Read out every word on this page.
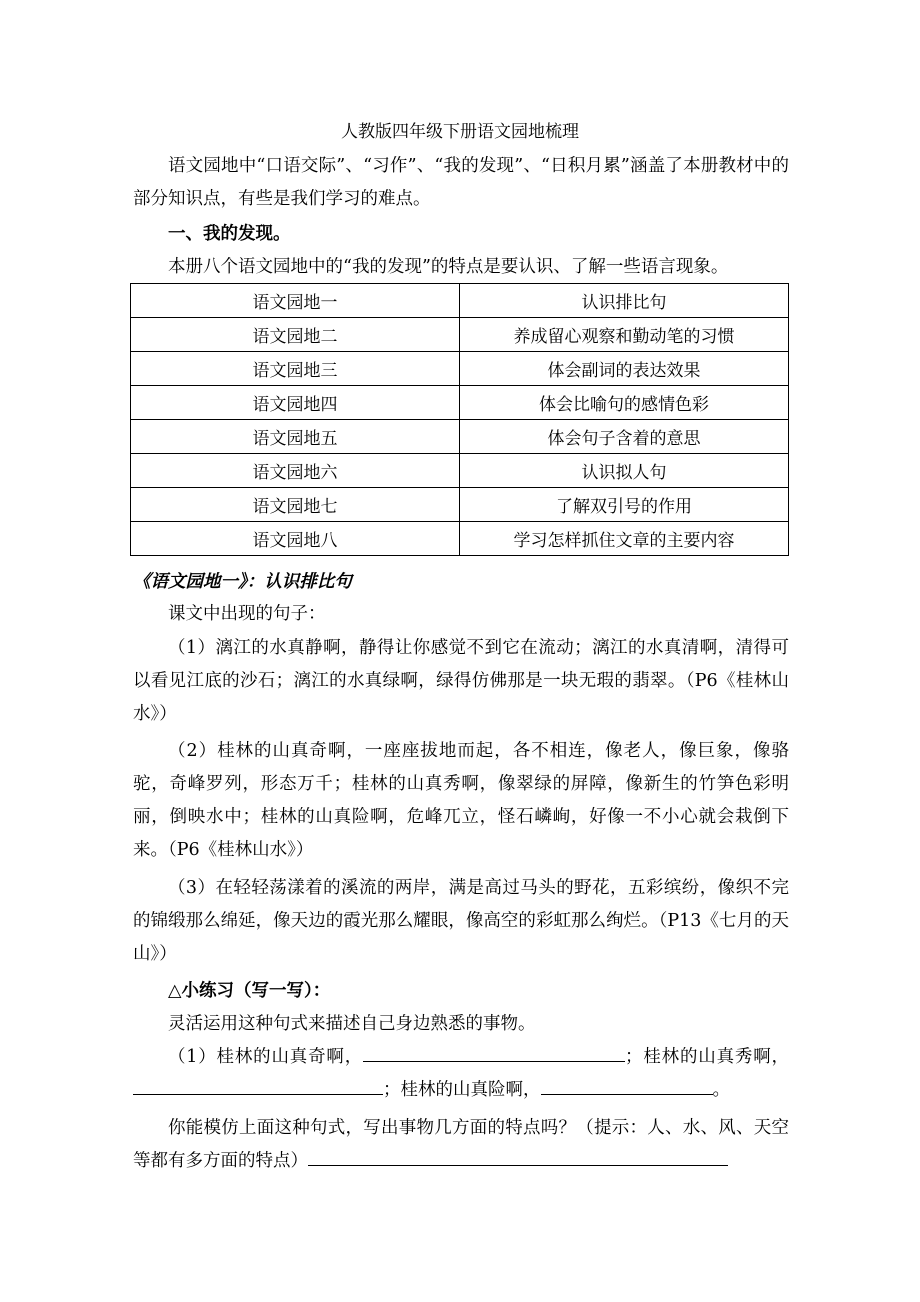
人教版四年级下册语文园地梳理

语文园地中“口语交际”、“习作”、“我的发现”、“日积月累”涵盖了本册教材中的部分知识点，有些是我们学习的难点。

一、我的发现。

本册八个语文园地中的“我的发现”的特点是要认识、了解一些语言现象。

语文园地一	认识排比句
语文园地二	养成留心观察和勤动笔的习惯
语文园地三	体会副词的表达效果
语文园地四	体会比喻句的感情色彩
语文园地五	体会句子含着的意思
语文园地六	认识拟人句
语文园地七	了解双引号的作用
语文园地八	学习怎样抓住文章的主要内容

《语文园地一》：认识排比句

课文中出现的句子：

（1）漓江的水真静啊，静得让你感觉不到它在流动；漓江的水真清啊，清得可以看见江底的沙石；漓江的水真绿啊，绿得仿佛那是一块无瑕的翡翠。（P6《桂林山水》）

（2）桂林的山真奇啊，一座座拔地而起，各不相连，像老人，像巨象，像骆驼，奇峰罗列，形态万千；桂林的山真秀啊，像翠绿的屏障，像新生的竹笋色彩明丽，倒映水中；桂林的山真险啊，危峰兀立，怪石嶙峋，好像一不小心就会栽倒下来。（P6《桂林山水》）

（3）在轻轻荡漾着的溪流的两岸，满是高过马头的野花，五彩缤纷，像织不完的锦缎那么绵延，像天边的霞光那么耀眼，像高空的彩虹那么绚烂。（P13《七月的天山》）

△小练习（写一写）：

灵活运用这种句式来描述自己身边熟悉的事物。

（1）桂林的山真奇啊，	；桂林的山真秀啊，；桂林的山真险啊，	。

你能模仿上面这种句式，写出事物几方面的特点吗？（提示：人、水、风、天空等都有多方面的特点）
